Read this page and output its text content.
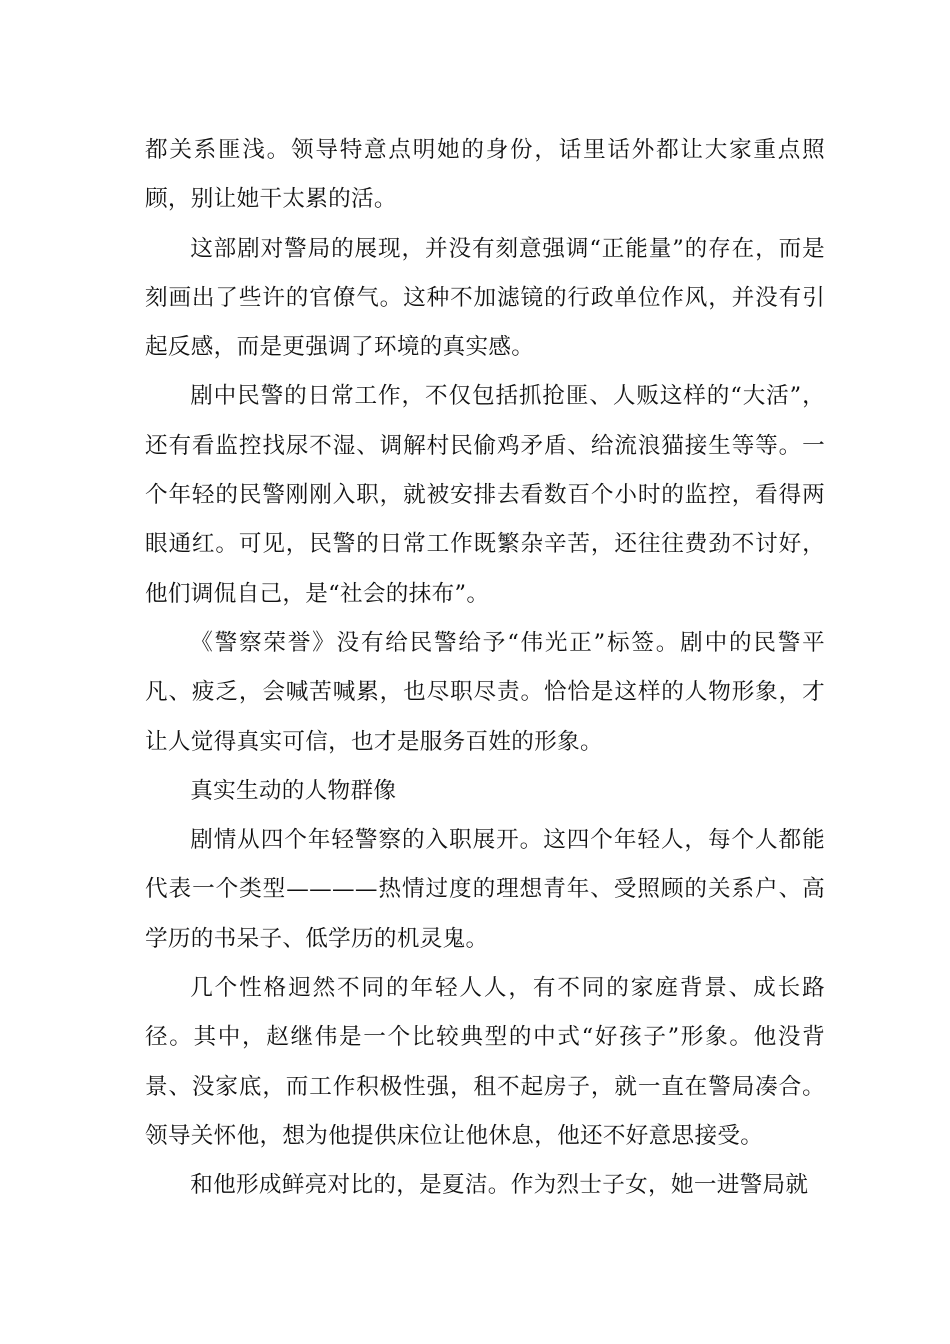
都关系匪浅。领导特意点明她的身份，话里话外都让大家重点照顾，别让她干太累的活。

这部剧对警局的展现，并没有刻意强调“正能量”的存在，而是刻画出了些许的官僚气。这种不加滤镜的行政单位作风，并没有引起反感，而是更强调了环境的真实感。

剧中民警的日常工作，不仅包括抓抢匪、人贩这样的“大活”，还有看监控找尿不湿、调解村民偷鸡矛盾、给流浪猫接生等等。一个年轻的民警刚刚入职，就被安排去看数百个小时的监控，看得两眼通红。可见，民警的日常工作既繁杂辛苦，还往往费劲不讨好，他们调侃自己，是“社会的抹布”。

《警察荣誉》没有给民警给予“伟光正”标签。剧中的民警平凡、疲乏，会喊苦喊累，也尽职尽责。恰恰是这样的人物形象，才让人觉得真实可信，也才是服务百姓的形象。

真实生动的人物群像

剧情从四个年轻警察的入职展开。这四个年轻人，每个人都能代表一个类型————热情过度的理想青年、受照顾的关系户、高学历的书呆子、低学历的机灵鬼。

几个性格迥然不同的年轻人人，有不同的家庭背景、成长路径。其中，赵继伟是一个比较典型的中式“好孩子”形象。他没背景、没家底，而工作积极性强，租不起房子，就一直在警局凑合。领导关怀他，想为他提供床位让他休息，他还不好意思接受。

和他形成鲜亮对比的，是夏洁。作为烈士子女，她一进警局就
